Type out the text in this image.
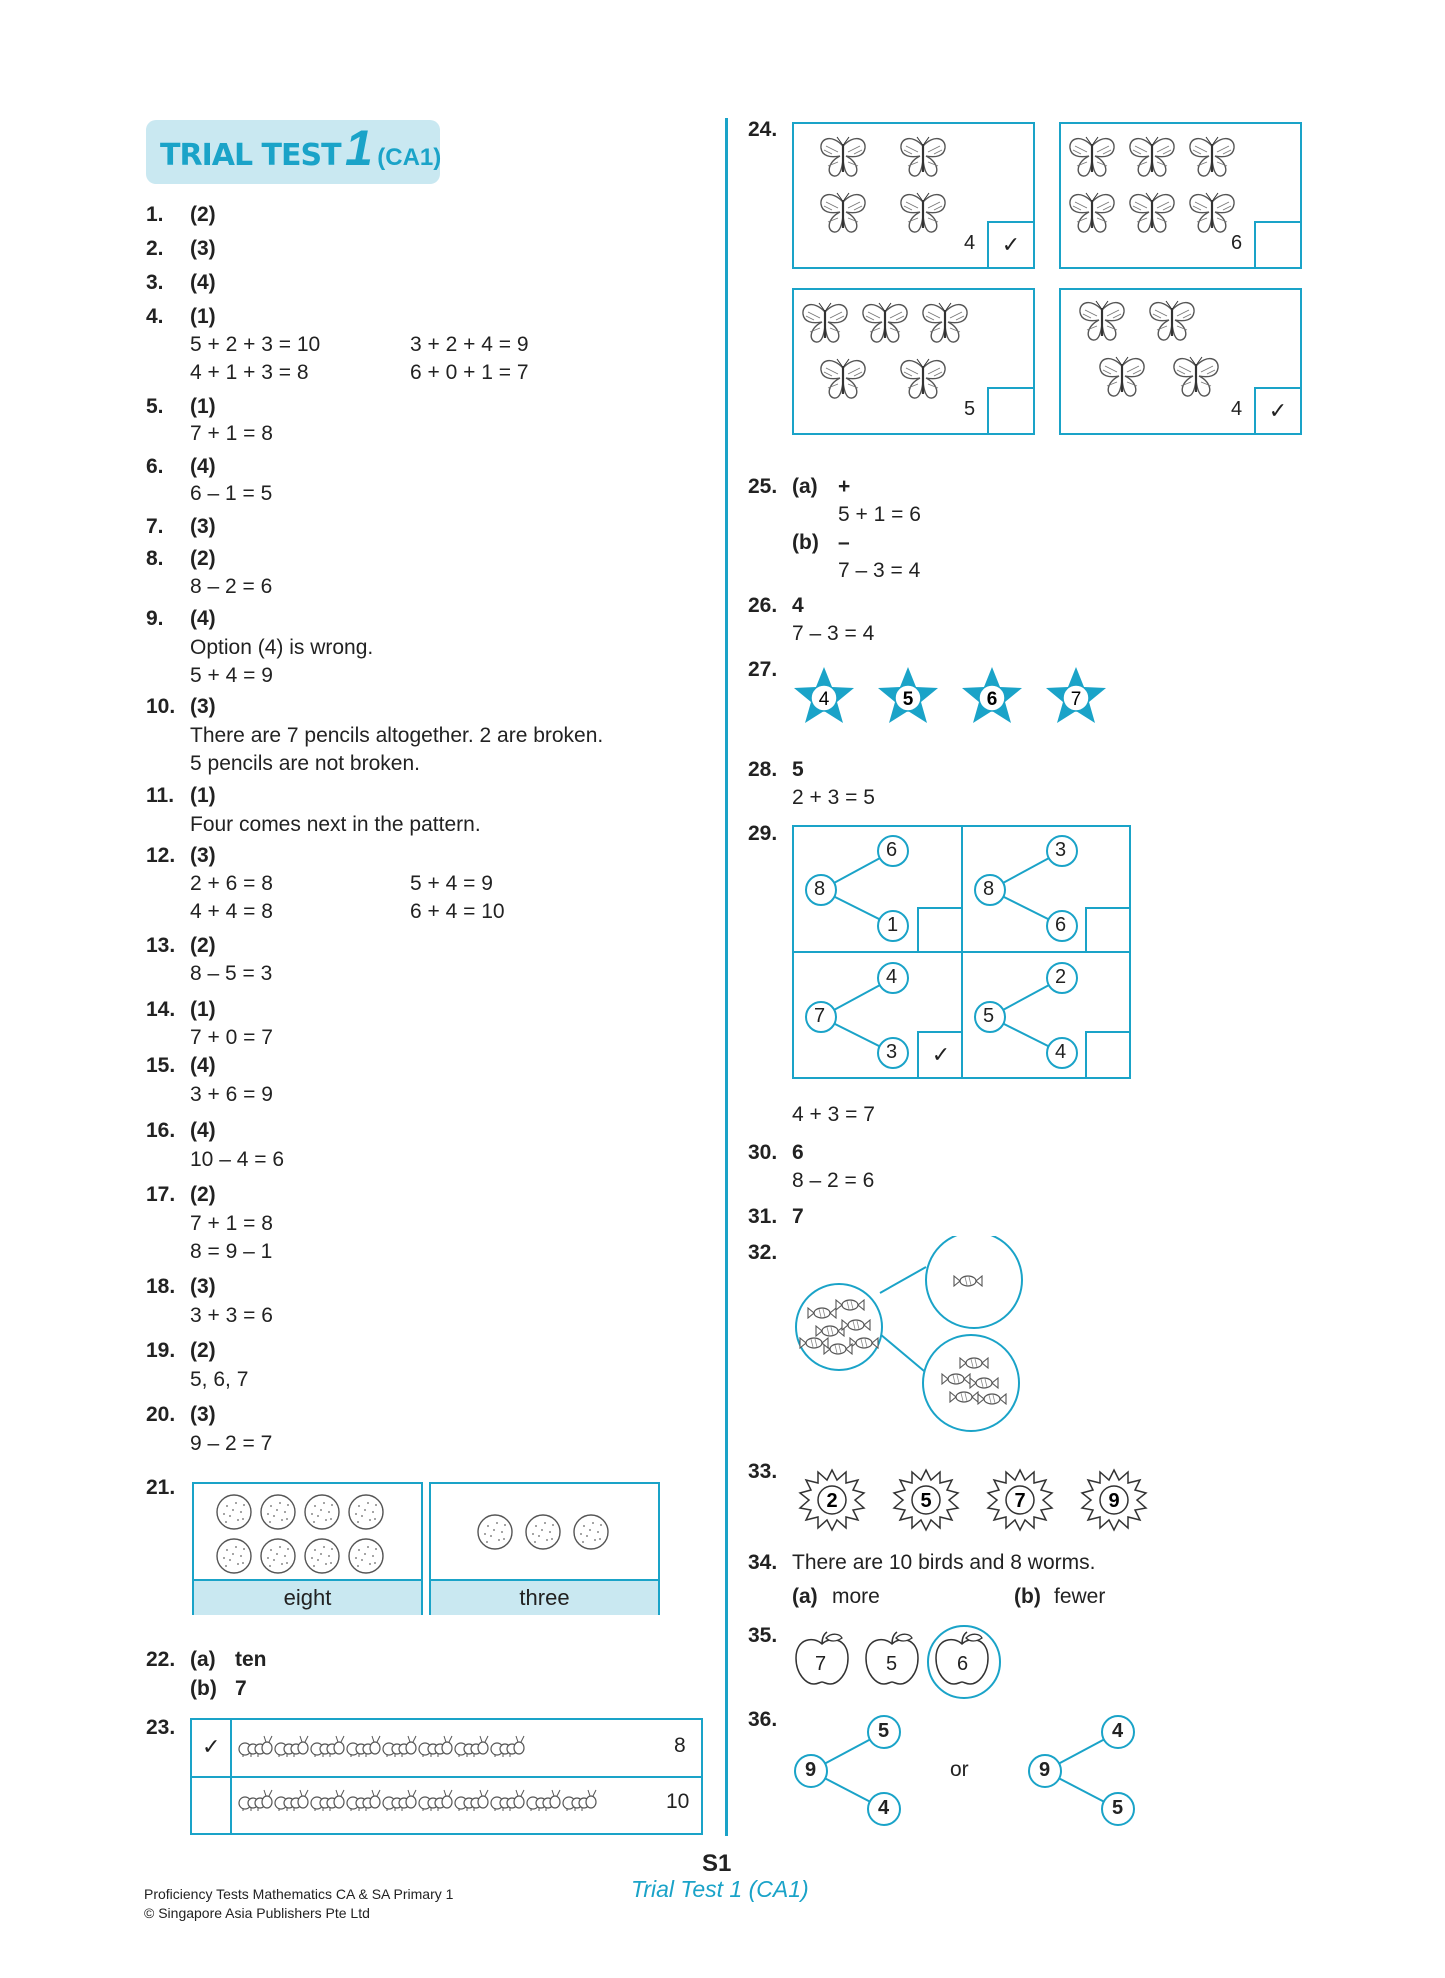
TRIAL TEST 1 (CA1)
1. (2)
2. (3)
3. (4)
4. (1)
5. (1)
6. (4)
7. (3)
8. (2)
9. (4)
10. (3)
11. (1)
12. (3)
13. (2)
14. (1)
15. (4)
16. (4)
17. (2)
18. (3)
19. (2)
20. (3)
5 + 2 + 3 = 10	3 + 2 + 4 = 9
4 + 1 + 3 = 8	6 + 0 + 1 = 7
7 + 1 = 8
6 – 1 = 5
8 – 2 = 6
Option (4) is wrong.
5 + 4 = 9
There are 7 pencils altogether. 2 are broken.
5 pencils are not broken.
Four comes next in the pattern.
2 + 6 = 8	5 + 4 = 9
4 + 4 = 8	6 + 4 = 10
8 – 5 = 3
7 + 0 = 7
3 + 6 = 9
10 – 4 = 6
7 + 1 = 8
8 = 9 – 1
3 + 3 = 6
5, 6, 7
9 – 2 = 7
21.
eight	three
22. (a) ten
(b) 7
23.
✓	8
10
24.
4	✓	6
5	4	✓
25. (a) +
5 + 1 = 6
(b) –
7 – 3 = 4
26. 4
7 – 3 = 4
27.
4	5	6	7
28. 5
2 + 3 = 5
29.
8
6
1
8
3
6
7
4
3	✓
5
2
4
4 + 3 = 7
30. 6
8 – 2 = 6
31. 7
32.
33.
2	5	7	9
34. There are 10 birds and 8 worms.
(a) more	(b) fewer
35.
7	5	6
36.
9
5
4
or	9
4
5
Proficiency Tests Mathematics CA & SA Primary 1
© Singapore Asia Publishers Pte Ltd
S1
Trial Test 1 (CA1)
